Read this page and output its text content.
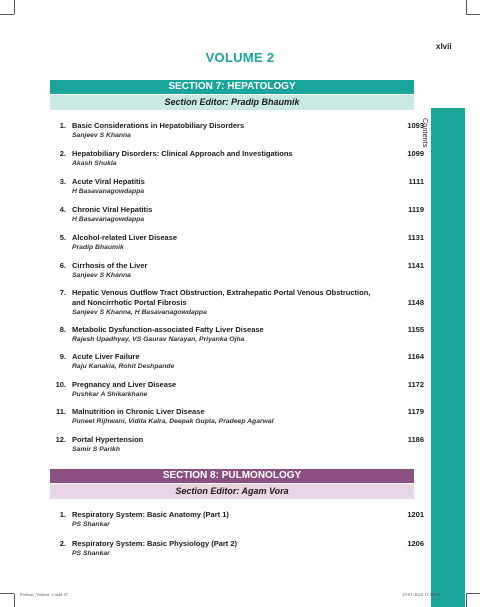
xlvii
Contents
VOLUME 2
SECTION 7: HEPATOLOGY
Section Editor: Pradip Bhaumik
1. Basic Considerations in Hepatobiliary Disorders	1093
Sanjeev S Khanna
2. Hepatobiliary Disorders: Clinical Approach and Investigations	1099
Akash Shukla
3. Acute Viral Hepatitis	1111
H Basavanagowdappa
4. Chronic Viral Hepatitis	1119
H Basavanagowdappa
5. Alcohol-related Liver Disease	1131
Pradip Bhaumik
6. Cirrhosis of the Liver	1141
Sanjeev S Khanna
7. Hepatic Venous Outflow Tract Obstruction, Extrahepatic Portal Venous Obstruction, and Noncirrhotic Portal Fibrosis	1148
Sanjeev S Khanna, H Basavanagowdappa
8. Metabolic Dysfunction-associated Fatty Liver Disease	1155
Rajesh Upadhyay, VS Gaurav Narayan, Priyanka Ojha
9. Acute Liver Failure	1164
Raju Kanakia, Rohit Deshpande
10. Pregnancy and Liver Disease	1172
Pushkar A Shikarkhane
11. Malnutrition in Chronic Liver Disease	1179
Puneet Rijhwani, Vidita Kalra, Deepak Gupta, Pradeep Agarwal
12. Portal Hypertension	1186
Samir S Parikh
SECTION 8: PULMONOLOGY
Section Editor: Agam Vora
1. Respiratory System: Basic Anatomy (Part 1)	1201
PS Shankar
2. Respiratory System: Basic Physiology (Part 2)	1206
PS Shankar
Prelims_Volume 1.indd 47	25-01-2024 11:59:53
